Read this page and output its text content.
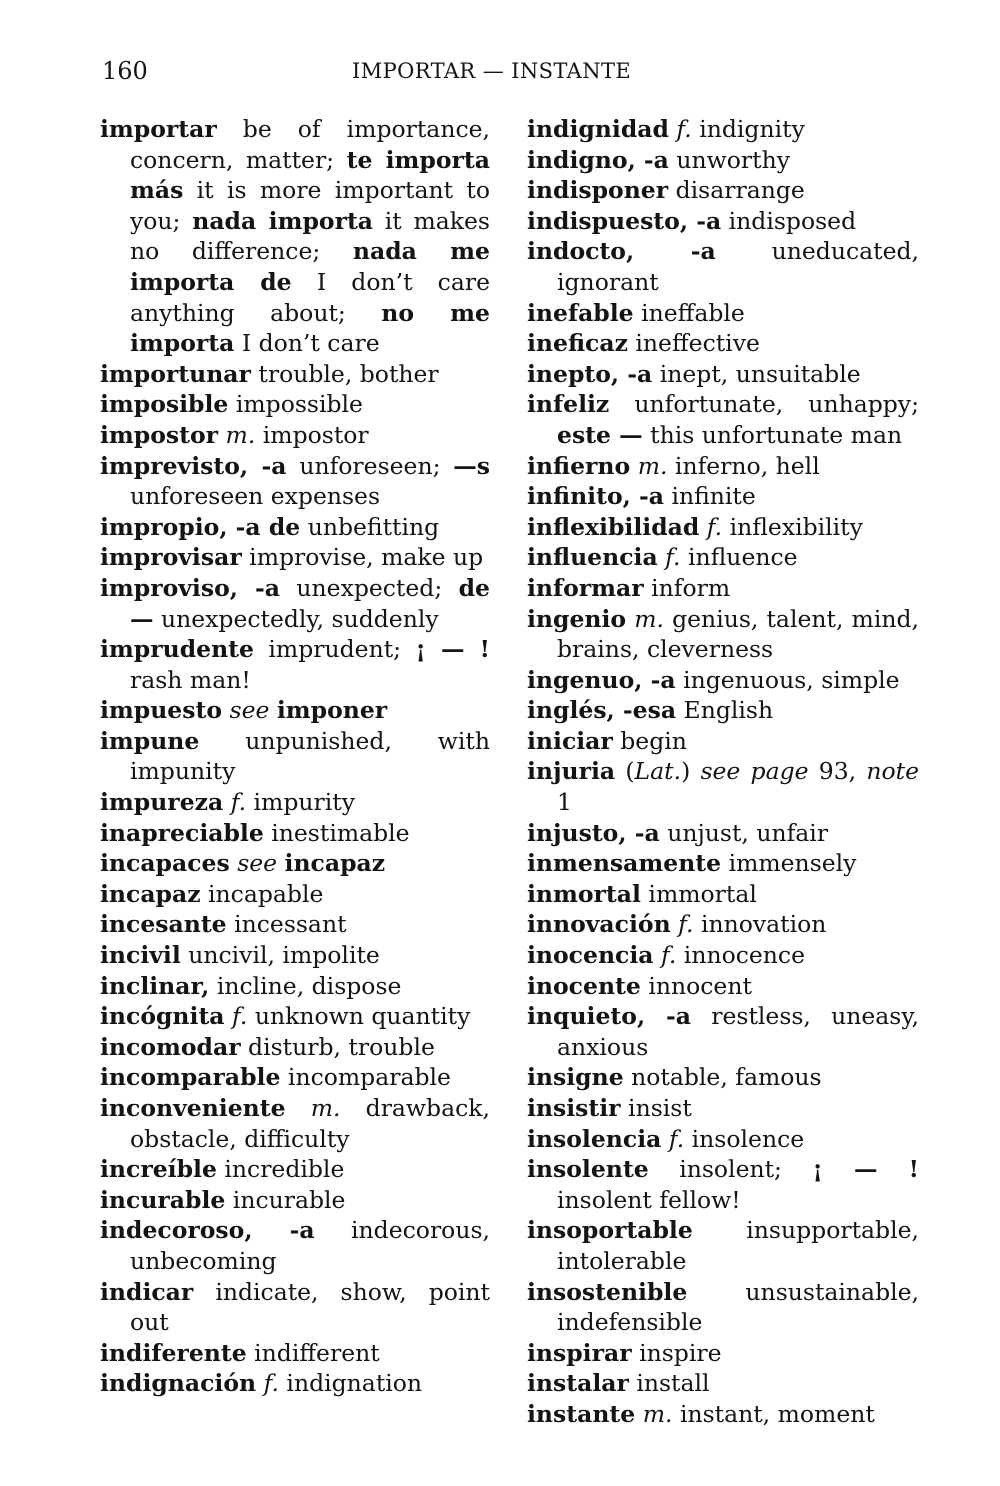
160	IMPORTAR — INSTANTE
importar be of importance, concern, matter; te importa más it is more important to you; nada importa it makes no difference; nada me importa de I don’t care anything about; no me importa I don’t care
importunar trouble, bother
imposible impossible
impostor m. impostor
imprevisto, -a unforeseen; —s unforeseen expenses
impropio, -a de unbefitting
improvisar improvise, make up
improviso, -a unexpected; de — unexpectedly, suddenly
imprudente imprudent; ¡ — ! rash man!
impuesto see imponer
impune unpunished, with impunity
impureza f. impurity
inapreciable inestimable
incapaces see incapaz
incapaz incapable
incesante incessant
incivil uncivil, impolite
inclinar, incline, dispose
incógnita f. unknown quantity
incomodar disturb, trouble
incomparable incomparable
inconveniente m. drawback, obstacle, difficulty
increíble incredible
incurable incurable
indecoroso, -a indecorous, unbecoming
indicar indicate, show, point out
indiferente indifferent
indignación f. indignation
indignidad f. indignity
indigno, -a unworthy
indisponer disarrange
indispuesto, -a indisposed
indocto, -a uneducated, ignorant
inefable ineffable
ineficaz ineffective
inepto, -a inept, unsuitable
infeliz unfortunate, unhappy; este — this unfortunate man
infierno m. inferno, hell
infinito, -a infinite
inflexibilidad f. inflexibility
influencia f. influence
informar inform
ingenio m. genius, talent, mind, brains, cleverness
ingenuo, -a ingenuous, simple
inglés, -esa English
iniciar begin
injuria (Lat.) see page 93, note 1
injusto, -a unjust, unfair
inmensamente immensely
inmortal immortal
innovación f. innovation
inocencia f. innocence
inocente innocent
inquieto, -a restless, uneasy, anxious
insigne notable, famous
insistir insist
insolencia f. insolence
insolente insolent; ¡ — ! insolent fellow!
insoportable insupportable, intolerable
insostenible unsustainable, indefensible
inspirar inspire
instalar install
instante m. instant, moment
